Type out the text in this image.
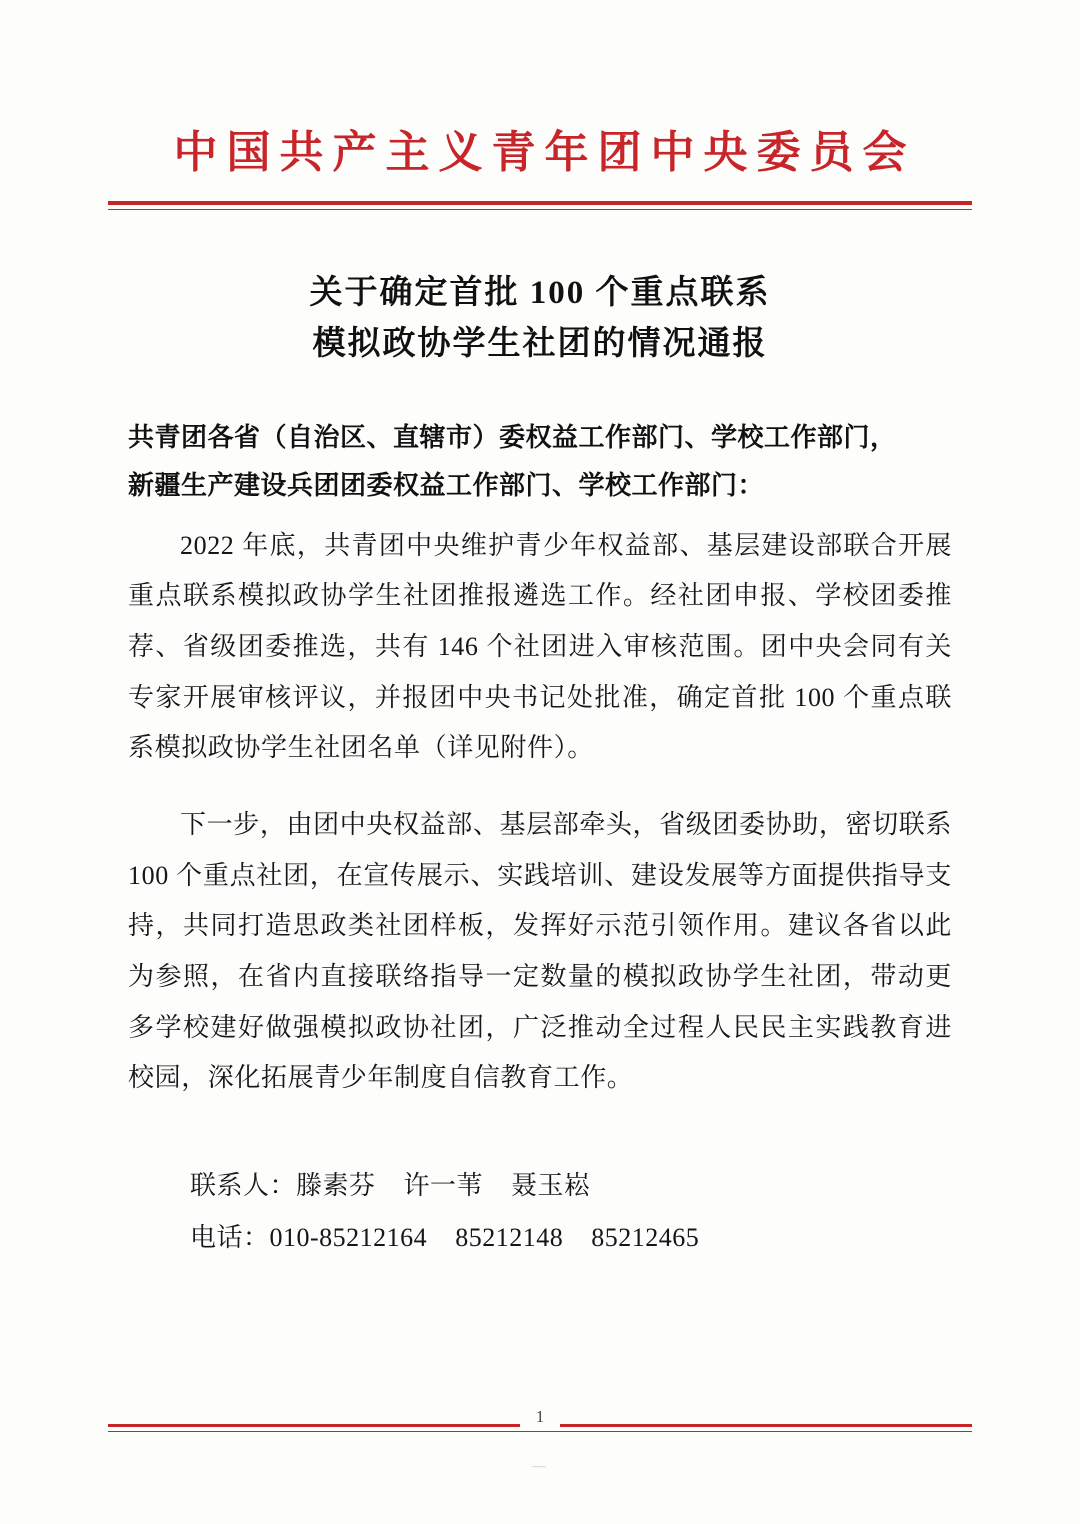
中国共产主义青年团中央委员会
关于确定首批 100 个重点联系
模拟政协学生社团的情况通报
共青团各省（自治区、直辖市）委权益工作部门、学校工作部门，
新疆生产建设兵团团委权益工作部门、学校工作部门：

2022 年底，共青团中央维护青少年权益部、基层建设部联合开展重点联系模拟政协学生社团推报遴选工作。经社团申报、学校团委推荐、省级团委推选，共有 146 个社团进入审核范围。团中央会同有关专家开展审核评议，并报团中央书记处批准，确定首批 100 个重点联系模拟政协学生社团名单（详见附件）。

下一步，由团中央权益部、基层部牵头，省级团委协助，密切联系 100 个重点社团，在宣传展示、实践培训、建设发展等方面提供指导支持，共同打造思政类社团样板，发挥好示范引领作用。建议各省以此为参照，在省内直接联络指导一定数量的模拟政协学生社团，带动更多学校建好做强模拟政协社团，广泛推动全过程人民民主实践教育进校园，深化拓展青少年制度自信教育工作。

联系人：滕素芬 许一苇 聂玉崧
电话：010-85212164 85212148 85212465
1
—
